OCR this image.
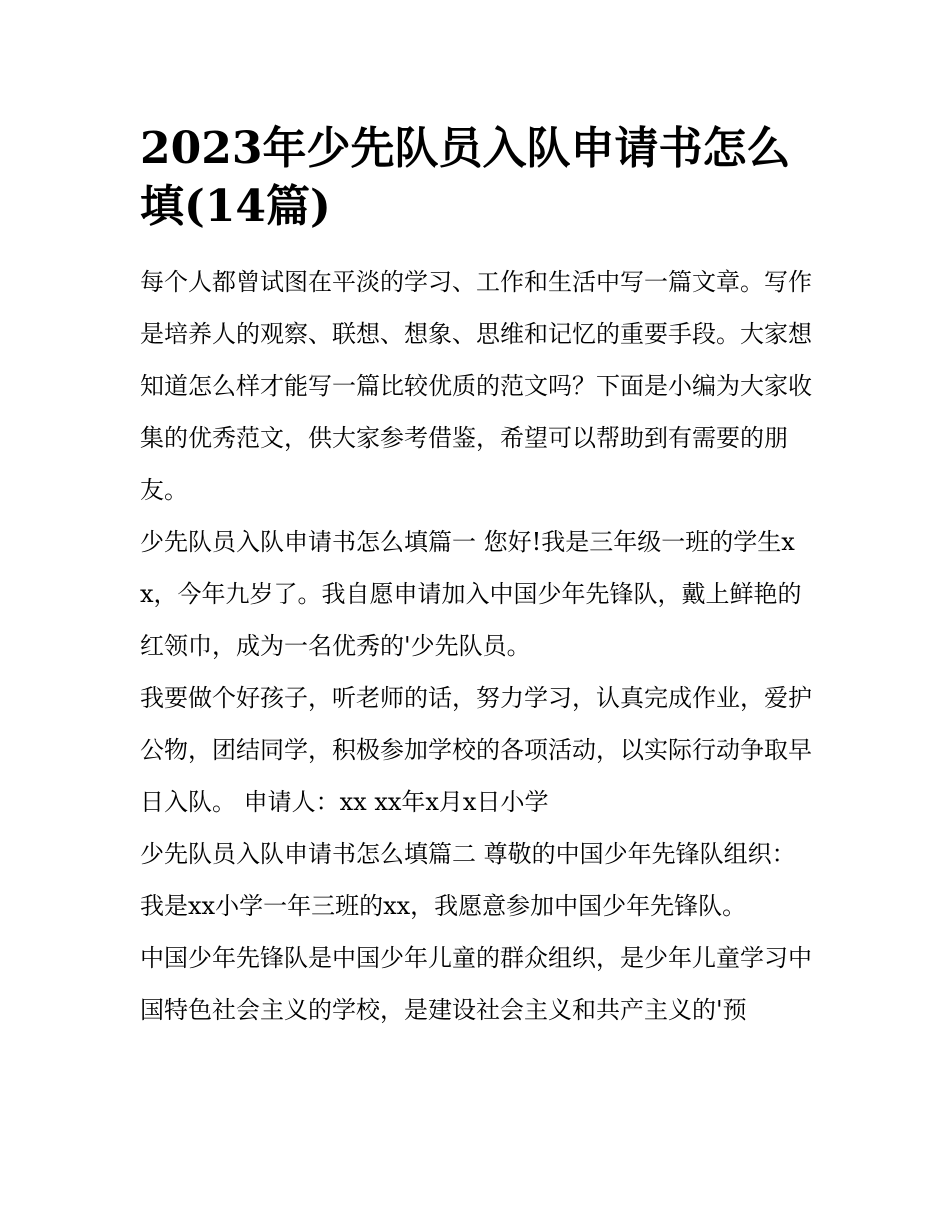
2023年少先队员入队申请书怎么填(14篇)

每个人都曾试图在平淡的学习、工作和生活中写一篇文章。写作是培养人的观察、联想、想象、思维和记忆的重要手段。大家想知道怎么样才能写一篇比较优质的范文吗？下面是小编为大家收集的优秀范文，供大家参考借鉴，希望可以帮助到有需要的朋友。

少先队员入队申请书怎么填篇一 您好!我是三年级一班的学生xx，今年九岁了。我自愿申请加入中国少年先锋队，戴上鲜艳的红领巾，成为一名优秀的'少先队员。

我要做个好孩子，听老师的话，努力学习，认真完成作业，爱护公物，团结同学，积极参加学校的各项活动，以实际行动争取早日入队。 申请人：xx xx年x月x日小学

少先队员入队申请书怎么填篇二 尊敬的中国少年先锋队组织： 我是xx小学一年三班的xx，我愿意参加中国少年先锋队。

中国少年先锋队是中国少年儿童的群众组织，是少年儿童学习中国特色社会主义的学校，是建设社会主义和共产主义的'预
